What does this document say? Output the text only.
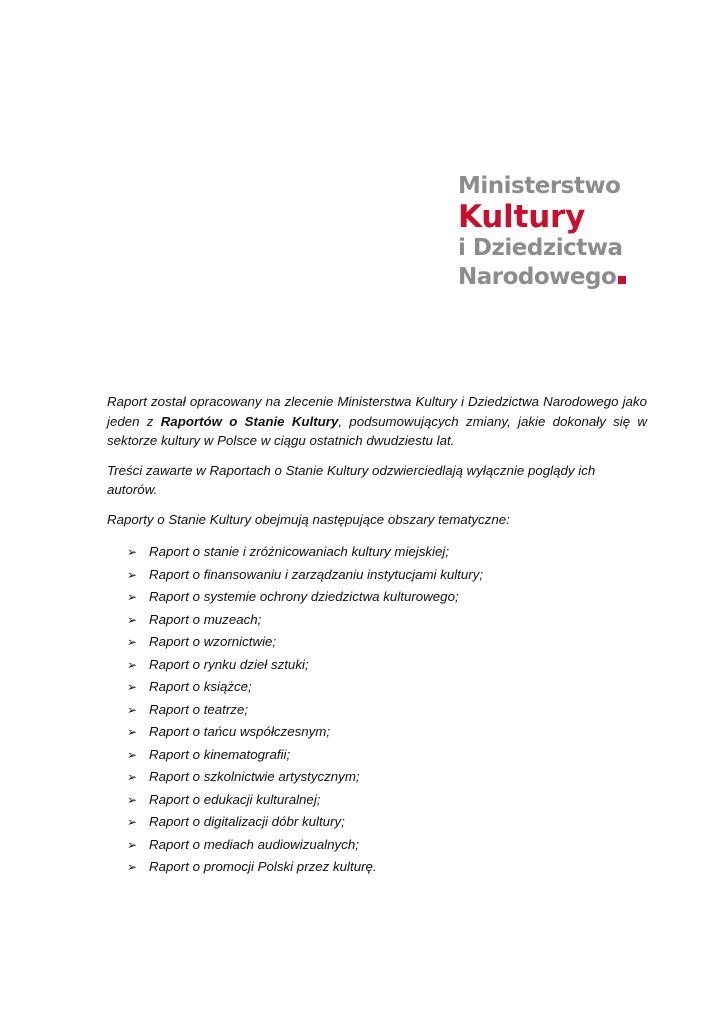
Ministerstwo
Kultury
i Dziedzictwa
Narodowego

Raport został opracowany na zlecenie Ministerstwa Kultury i Dziedzictwa Narodowego jako jeden z Raportów o Stanie Kultury, podsumowujących zmiany, jakie dokonały się w sektorze kultury w Polsce w ciągu ostatnich dwudziestu lat.

Treści zawarte w Raportach o Stanie Kultury odzwierciedlają wyłącznie poglądy ich autorów.

Raporty o Stanie Kultury obejmują następujące obszary tematyczne:

➢ Raport o stanie i zróżnicowaniach kultury miejskiej;
➢ Raport o finansowaniu i zarządzaniu instytucjami kultury;
➢ Raport o systemie ochrony dziedzictwa kulturowego;
➢ Raport o muzeach;
➢ Raport o wzornictwie;
➢ Raport o rynku dzieł sztuki;
➢ Raport o książce;
➢ Raport o teatrze;
➢ Raport o tańcu współczesnym;
➢ Raport o kinematografii;
➢ Raport o szkolnictwie artystycznym;
➢ Raport o edukacji kulturalnej;
➢ Raport o digitalizacji dóbr kultury;
➢ Raport o mediach audiowizualnych;
➢ Raport o promocji Polski przez kulturę.
